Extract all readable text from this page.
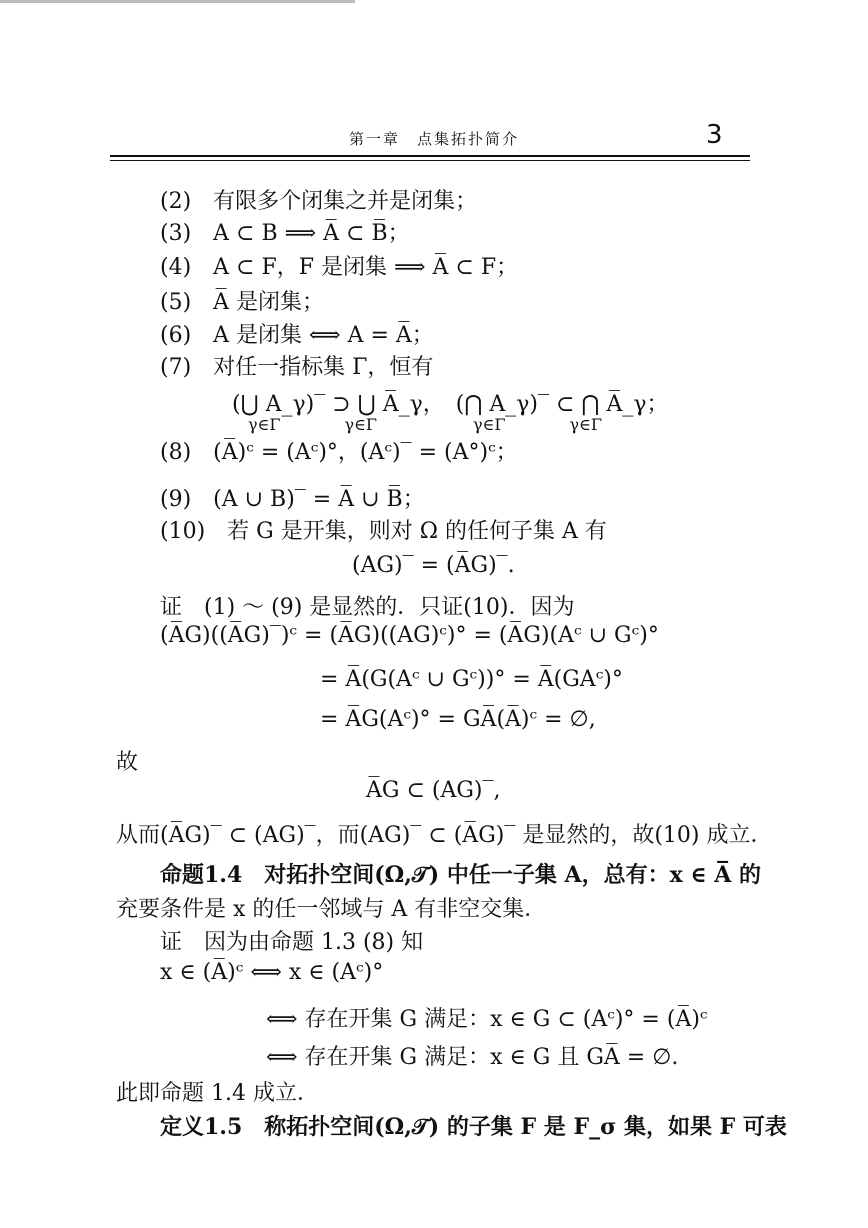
第一章　点集拓扑简介	3
(2)　有限多个闭集之并是闭集；
(3)　A ⊂ B ⟹ A̅ ⊂ B̅；
(4)　A ⊂ F，F 是闭集 ⟹ A̅ ⊂ F；
(5)　A̅ 是闭集；
(6)　A 是闭集 ⟺ A = A̅；
(7)　对任一指标集 Γ，恒有
(⋃ A_γ)‾ ⊃ ⋃ A̅_γ，　(⋂ A_γ)‾ ⊂ ⋂ A̅_γ；
γ∈Γ　　　　γ∈Γ　　　　　　γ∈Γ　　　　γ∈Γ
(8)　(A̅)ᶜ = (Aᶜ)°，(Aᶜ)‾ = (A°)ᶜ；
(9)　(A ∪ B)‾ = A̅ ∪ B̅；
(10)　若 G 是开集，则对 Ω 的任何子集 A 有
(AG)‾ = (A̅G)‾.
证　(1) ～ (9) 是显然的．只证(10)．因为
(A̅G)((A̅G)‾)ᶜ = (A̅G)((AG)ᶜ)° = (A̅G)(Aᶜ ∪ Gᶜ)°
= A̅(G(Aᶜ ∪ Gᶜ))° = A̅(GAᶜ)°
= A̅G(Aᶜ)° = GA̅(A̅)ᶜ = ∅,
故
A̅G ⊂ (AG)‾,
从而(A̅G)‾ ⊂ (AG)‾，而(AG)‾ ⊂ (A̅G)‾ 是显然的，故(10) 成立．
命题1.4　对拓扑空间(Ω,𝒯) 中任一子集 A，总有：x ∈ A̅ 的
充要条件是 x 的任一邻域与 A 有非空交集．
证　因为由命题 1.3 (8) 知
x ∈ (A̅)ᶜ ⟺ x ∈ (Aᶜ)°
⟺ 存在开集 G 满足：x ∈ G ⊂ (Aᶜ)° = (A̅)ᶜ
⟺ 存在开集 G 满足：x ∈ G 且 GA̅ = ∅.
此即命题 1.4 成立．
定义1.5　称拓扑空间(Ω,𝒯) 的子集 F 是 F_σ 集，如果 F 可表
